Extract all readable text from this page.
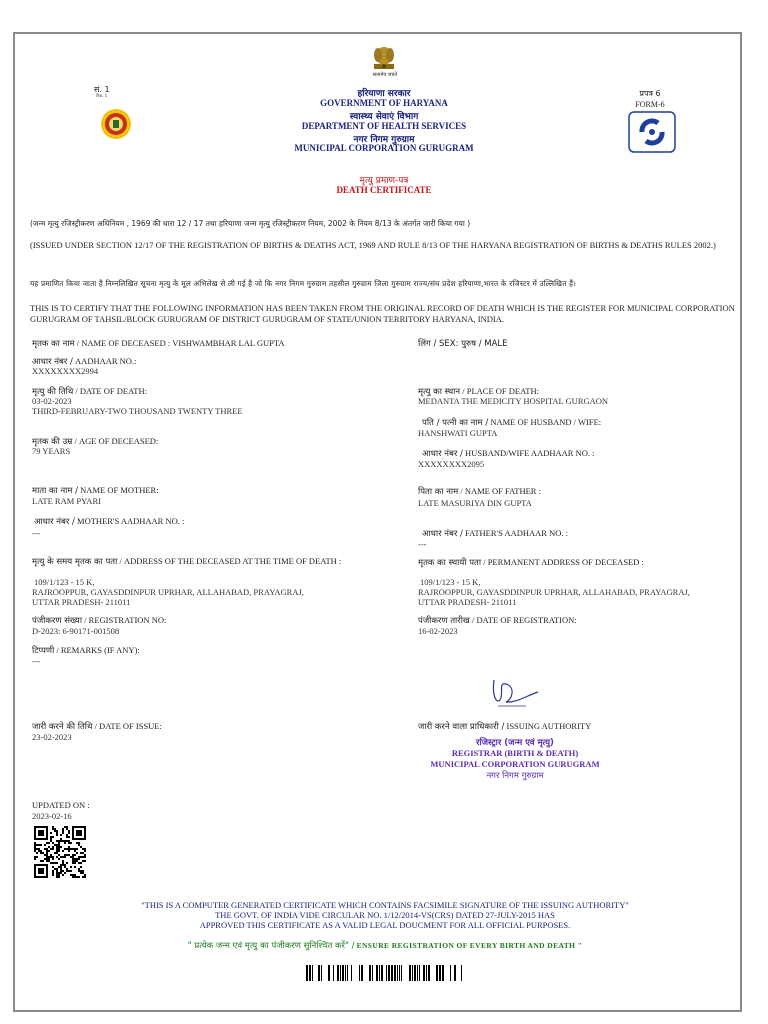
सत्यमेव जयते
सं. 1
No. 1	हरियाणा सरकार
GOVERNMENT OF HARYANA
स्वास्थ्य सेवाएं विभाग
DEPARTMENT OF HEALTH SERVICES
नगर निगम गुरुग्राम
MUNICIPAL CORPORATION GURUGRAM
प्रपत्र 6
FORM-6
मृत्यु प्रमाण-पत्र
DEATH CERTIFICATE
(जन्म मृत्यु रजिस्ट्रीकरण अधिनियम , 1969 की धारा 12 / 17 तथा हरियाणा जन्म मृत्यु रजिस्ट्रीकरण नियम, 2002 के नियम 8/13 के अंतर्गत जारी किया गया )
(ISSUED UNDER SECTION 12/17 OF THE REGISTRATION OF BIRTHS & DEATHS ACT, 1969 AND RULE 8/13 OF THE HARYANA REGISTRATION OF BIRTHS & DEATHS RULES 2002.)
यह प्रमाणित किया जाता है निम्नलिखित सूचना मृत्यु के मूल अभिलेख से ली गई है जो कि नगर निगम गुरुग्राम तहसील गुरुग्राम जिला गुरुग्राम राज्य/संघ प्रदेश हरियाणा,भारत के रजिस्टर में उल्लिखित हैं।
THIS IS TO CERTIFY THAT THE FOLLOWING INFORMATION HAS BEEN TAKEN FROM THE ORIGINAL RECORD OF DEATH WHICH IS THE REGISTER FOR MUNICIPAL CORPORATION GURUGRAM OF TAHSIL/BLOCK GURUGRAM OF DISTRICT GURUGRAM OF STATE/UNION TERRITORY HARYANA, INDIA.
मृतक का नाम / NAME OF DECEASED : VISHWAMBHAR LAL GUPTA
आधार नंबर / AADHAAR NO.:
XXXXXXXX2994
मृत्यु की तिथि / DATE OF DEATH:
03-02-2023
THIRD-FEBRUARY-TWO THOUSAND TWENTY THREE
मृतक की उम्र / AGE OF DECEASED:
79 YEARS
माता का नाम / NAME OF MOTHER:
LATE RAM PYARI
आधार नंबर / MOTHER'S AADHAAR NO. :
---
मृत्यु के समय मृतक का पता / ADDRESS OF THE DECEASED AT THE TIME OF DEATH :
109/1/123 - 15 K,
RAJROOPPUR, GAYASDDINPUR UPRHAR, ALLAHABAD, PRAYAGRAJ,
UTTAR PRADESH- 211011
पंजीकरण संख्या / REGISTRATION NO:
D-2023: 6-90171-001508
टिप्पणी / REMARKS (IF ANY):
---
जारी करने की तिथि / DATE OF ISSUE:
23-02-2023
लिंग / SEX: पुरुष / MALE
मृत्यु का स्थान / PLACE OF DEATH:
MEDANTA THE MEDICITY HOSPITAL GURGAON
पति / पत्नी का नाम / NAME OF HUSBAND / WIFE:
HANSHWATI GUPTA
आधार नंबर / HUSBAND/WIFE AADHAAR NO. :
XXXXXXXX2095
पिता का नाम / NAME OF FATHER :
LATE MASURIYA DIN GUPTA
आधार नंबर / FATHER'S AADHAAR NO. :
---
मृतक का स्थायी पता / PERMANENT ADDRESS OF DECEASED :
109/1/123 - 15 K,
RAJROOPPUR, GAYASDDINPUR UPRHAR, ALLAHABAD, PRAYAGRAJ,
UTTAR PRADESH- 211011
पंजीकरण तारीख / DATE OF REGISTRATION:
16-02-2023
जारी करने वाला प्राधिकारी / ISSUING AUTHORITY
रजिस्ट्रार (जन्म एवं मृत्यु)
REGISTRAR (BIRTH & DEATH)
MUNICIPAL CORPORATION GURUGRAM
नगर निगम गुरुग्राम
UPDATED ON :
2023-02-16
"THIS IS A COMPUTER GENERATED CERTIFICATE WHICH CONTAINS FACSIMILE SIGNATURE OF THE ISSUING AUTHORITY"
THE GOVT. OF INDIA VIDE CIRCULAR NO. 1/12/2014-VS(CRS) DATED 27-JULY-2015 HAS
APPROVED THIS CERTIFICATE AS A VALID LEGAL DOUCMENT FOR ALL OFFICIAL PURPOSES.
" प्रत्येक जन्म एवं मृत्यु का पंजीकरण सुनिश्चित करें" / ENSURE REGISTRATION OF EVERY BIRTH AND DEATH "
